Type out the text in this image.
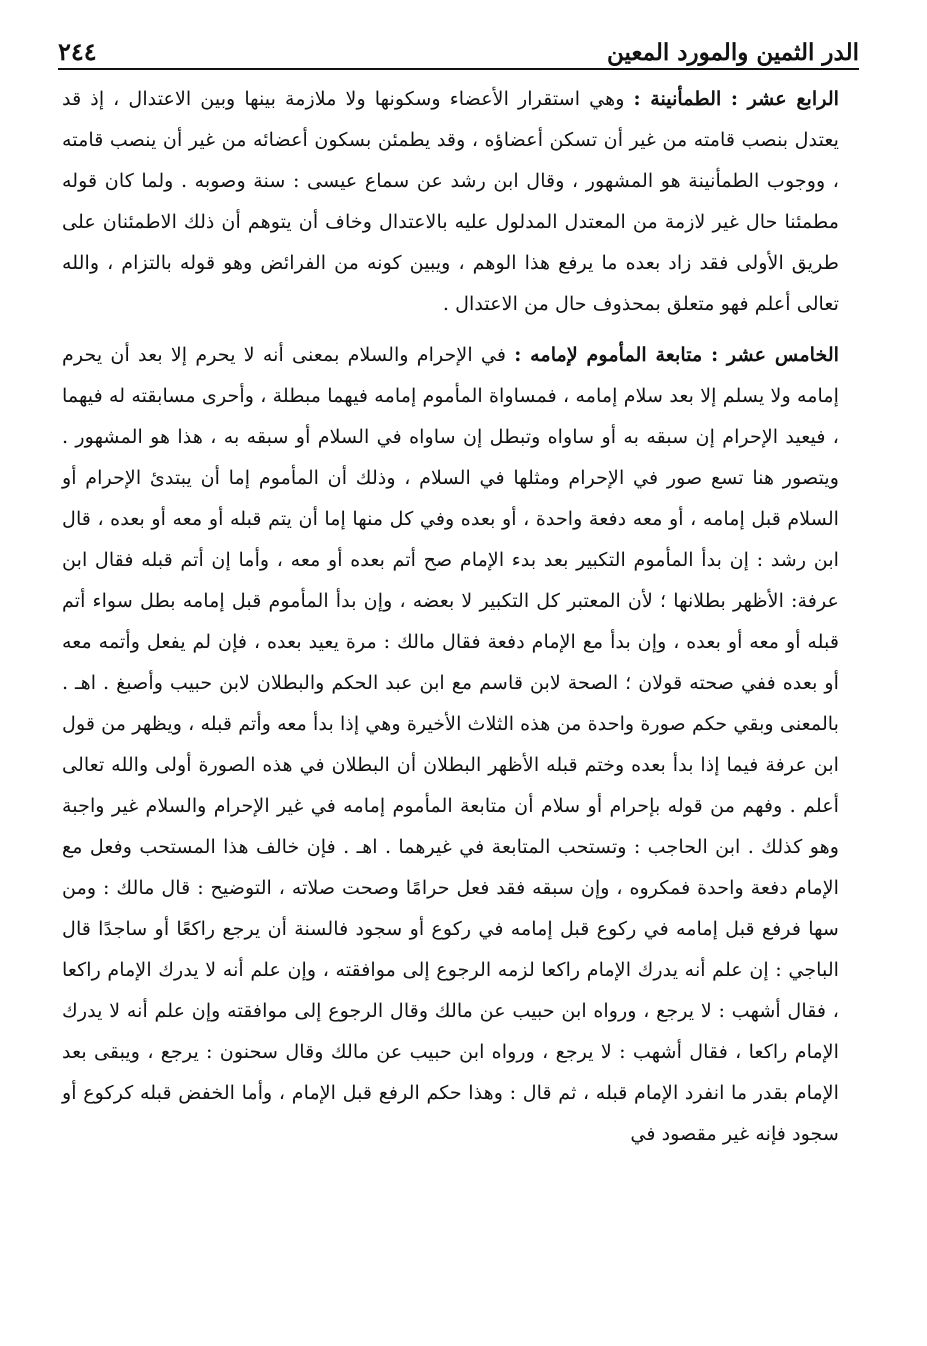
الدر الثمين والمورد المعين
٢٤٤

الرابع عشر : الطمأنينة : وهي استقرار الأعضاء وسكونها ولا ملازمة بينها وبين الاعتدال ، إذ قد يعتدل بنصب قامته من غير أن تسكن أعضاؤه ، وقد يطمئن بسكون أعضائه من غير أن ينصب قامته ، ووجوب الطمأنينة هو المشهور ، وقال ابن رشد عن سماع عيسى : سنة وصوبه . ولما كان قوله مطمئنا حال غير لازمة من المعتدل المدلول عليه بالاعتدال وخاف أن يتوهم أن ذلك الاطمئنان على طريق الأولى فقد زاد بعده ما يرفع هذا الوهم ، ويبين كونه من الفرائض وهو قوله بالتزام ، والله تعالى أعلم فهو متعلق بمحذوف حال من الاعتدال .

الخامس عشر : متابعة المأموم لإمامه : في الإحرام والسلام بمعنى أنه لا يحرم إلا بعد أن يحرم إمامه ولا يسلم إلا بعد سلام إمامه ، فمساواة المأموم إمامه فيهما مبطلة ، وأحرى مسابقته له فيهما ، فيعيد الإحرام إن سبقه به أو ساواه وتبطل إن ساواه في السلام أو سبقه به ، هذا هو المشهور . ويتصور هنا تسع صور في الإحرام ومثلها في السلام ، وذلك أن المأموم إما أن يبتدئ الإحرام أو السلام قبل إمامه ، أو معه دفعة واحدة ، أو بعده وفي كل منها إما أن يتم قبله أو معه أو بعده ، قال ابن رشد : إن بدأ المأموم التكبير بعد بدء الإمام صح أتم بعده أو معه ، وأما إن أتم قبله فقال ابن عرفة: الأظهر بطلانها ؛ لأن المعتبر كل التكبير لا بعضه ، وإن بدأ المأموم قبل إمامه بطل سواء أتم قبله أو معه أو بعده ، وإن بدأ مع الإمام دفعة فقال مالك : مرة يعيد بعده ، فإن لم يفعل وأتمه معه أو بعده ففي صحته قولان ؛ الصحة لابن قاسم مع ابن عبد الحكم والبطلان لابن حبيب وأصبغ . اهـ . بالمعنى وبقي حكم صورة واحدة من هذه الثلاث الأخيرة وهي إذا بدأ معه وأتم قبله ، ويظهر من قول ابن عرفة فيما إذا بدأ بعده وختم قبله الأظهر البطلان أن البطلان في هذه الصورة أولى والله تعالى أعلم . وفهم من قوله بإحرام أو سلام أن متابعة المأموم إمامه في غير الإحرام والسلام غير واجبة وهو كذلك . ابن الحاجب : وتستحب المتابعة في غيرهما . اهـ . فإن خالف هذا المستحب وفعل مع الإمام دفعة واحدة فمكروه ، وإن سبقه فقد فعل حرامًا وصحت صلاته ، التوضيح : قال مالك : ومن سها فرفع قبل إمامه في ركوع قبل إمامه في ركوع أو سجود فالسنة أن يرجع راكعًا أو ساجدًا قال الباجي : إن علم أنه يدرك الإمام راكعا لزمه الرجوع إلى موافقته ، وإن علم أنه لا يدرك الإمام راكعا ، فقال أشهب : لا يرجع ، ورواه ابن حبيب عن مالك وقال الرجوع إلى موافقته وإن علم أنه لا يدرك الإمام راكعا ، فقال أشهب : لا يرجع ، ورواه ابن حبيب عن مالك وقال سحنون : يرجع ، ويبقى بعد الإمام بقدر ما انفرد الإمام قبله ، ثم قال : وهذا حكم الرفع قبل الإمام ، وأما الخفض قبله كركوع أو سجود فإنه غير مقصود في
